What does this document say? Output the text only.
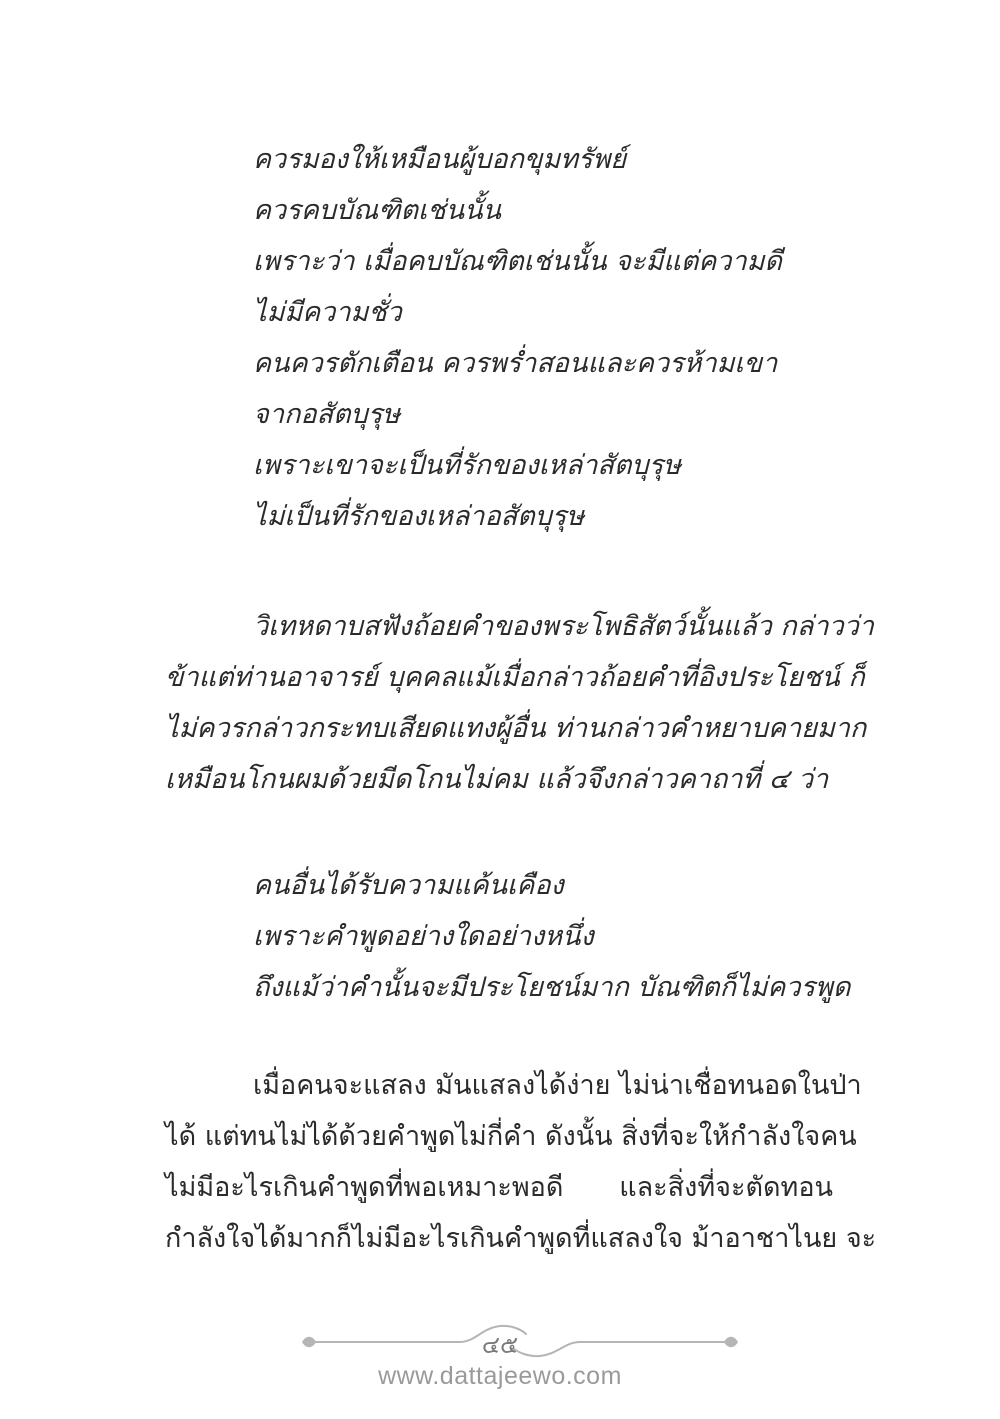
ควรมองให้เหมือนผู้บอกขุมทรัพย์
ควรคบบัณฑิตเช่นนั้น
เพราะว่า เมื่อคบบัณฑิตเช่นนั้น จะมีแต่ความดี
ไม่มีความชั่ว
คนควรตักเตือน ควรพร่ำสอนและควรห้ามเขา
จากอสัตบุรุษ
เพราะเขาจะเป็นที่รักของเหล่าสัตบุรุษ
ไม่เป็นที่รักของเหล่าอสัตบุรุษ
วิเทหดาบสฟังถ้อยคำของพระโพธิสัตว์นั้นแล้ว กล่าวว่า
ข้าแต่ท่านอาจารย์ บุคคลแม้เมื่อกล่าวถ้อยคำที่อิงประโยชน์ ก็
ไม่ควรกล่าวกระทบเสียดแทงผู้อื่น ท่านกล่าวคำหยาบคายมาก
เหมือนโกนผมด้วยมีดโกนไม่คม แล้วจึงกล่าวคาถาที่ ๔ ว่า
คนอื่นได้รับความแค้นเคือง
เพราะคำพูดอย่างใดอย่างหนึ่ง
ถึงแม้ว่าคำนั้นจะมีประโยชน์มาก บัณฑิตก็ไม่ควรพูด
เมื่อคนจะแสลง มันแสลงได้ง่าย ไม่น่าเชื่อทนอดในป่า
ได้ แต่ทนไม่ได้ด้วยคำพูดไม่กี่คำ ดังนั้น สิ่งที่จะให้กำลังใจคน
ไม่มีอะไรเกินคำพูดที่พอเหมาะพอดี และสิ่งที่จะตัดทอน
กำลังใจได้มากก็ไม่มีอะไรเกินคำพูดที่แสลงใจ ม้าอาชาไนย จะ
๔๕
www.dattajeewo.com
